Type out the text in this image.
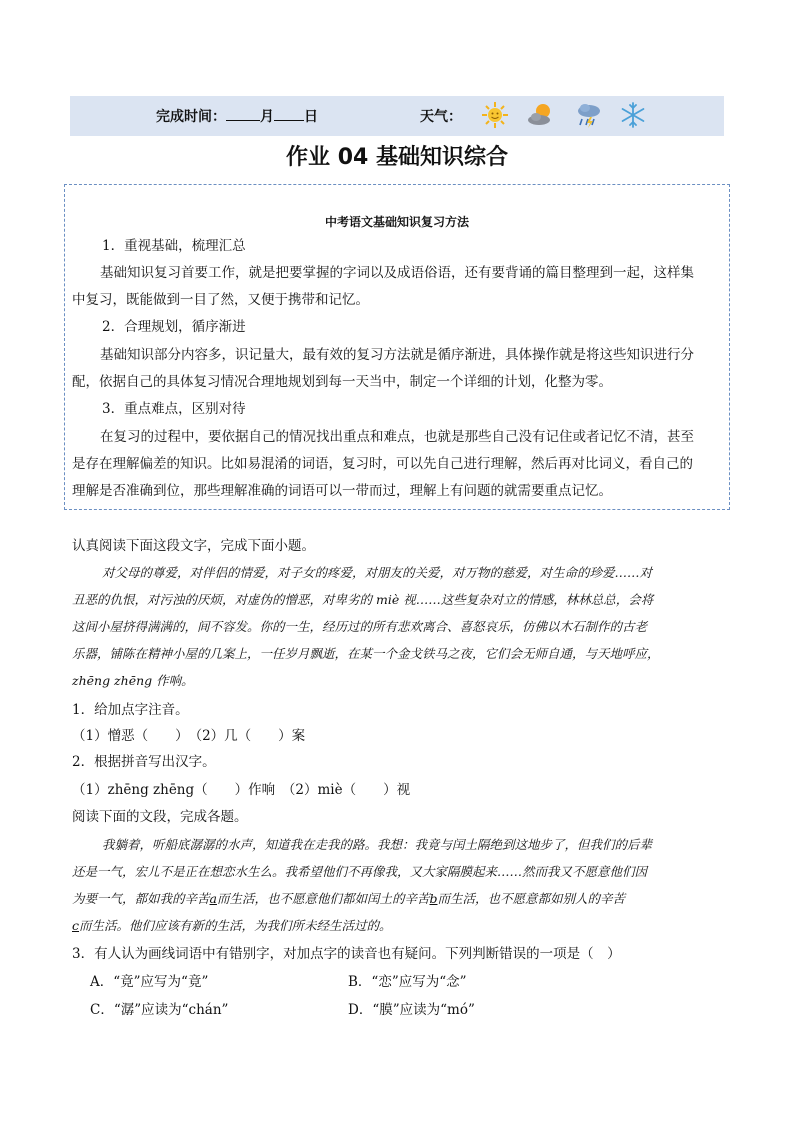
完成时间： 月 日	天气：
作业 04 基础知识综合
中考语文基础知识复习方法
1．重视基础，梳理汇总
基础知识复习首要工作，就是把要掌握的字词以及成语俗语，还有要背诵的篇目整理到一起，这样集
中复习，既能做到一目了然，又便于携带和记忆。
2．合理规划，循序渐进
基础知识部分内容多，识记量大，最有效的复习方法就是循序渐进，具体操作就是将这些知识进行分
配，依据自己的具体复习情况合理地规划到每一天当中，制定一个详细的计划，化整为零。
3．重点难点，区别对待
在复习的过程中，要依据自己的情况找出重点和难点，也就是那些自己没有记住或者记忆不清，甚至
是存在理解偏差的知识。比如易混淆的词语，复习时，可以先自己进行理解，然后再对比词义，看自己的
理解是否准确到位，那些理解准确的词语可以一带而过，理解上有问题的就需要重点记忆。
认真阅读下面这段文字，完成下面小题。
对父母的尊爱，对伴侣的情爱，对子女的疼爱，对朋友的关爱，对万物的慈爱，对生命的珍爱……对
丑恶的仇恨，对污浊的厌烦，对虚伪的憎恶，对卑劣的 miè 视……这些复杂对立的情感，林林总总，会将
这间小屋挤得满满的，间不容发。你的一生，经历过的所有悲欢离合、喜怒哀乐，仿佛以木石制作的古老
乐器，铺陈在精神小屋的几案上，一任岁月飘逝，在某一个金戈铁马之夜，它们会无师自通，与天地呼应，
zhēng zhēng 作响。
1．给加点字注音。
（1）憎恶（　　）　（2）几（　　）案
2．根据拼音写出汉字。
（1）zhēng zhēng（　　）作响　（2）miè（　　）视
阅读下面的文段，完成各题。
我躺着，听船底潺潺的水声，知道我在走我的路。我想：我竟与闰土隔绝到这地步了，但我们的后辈
还是一气，宏儿不是正在想恋水生么。我希望他们不再像我，又大家隔膜起来……然而我又不愿意他们因
为要一气，都如我的辛苦a而生活，也不愿意他们都如闰土的辛苦b而生活，也不愿意都如别人的辛苦
c而生活。他们应该有新的生活，为我们所未经生活过的。
3．有人认为画线词语中有错别字，对加点字的读音也有疑问。下列判断错误的一项是（　）
A．“竟”应写为“竟”	B．“恋”应写为“念”
C．“潺”应读为“chán”	D．“膜”应读为“mó”
